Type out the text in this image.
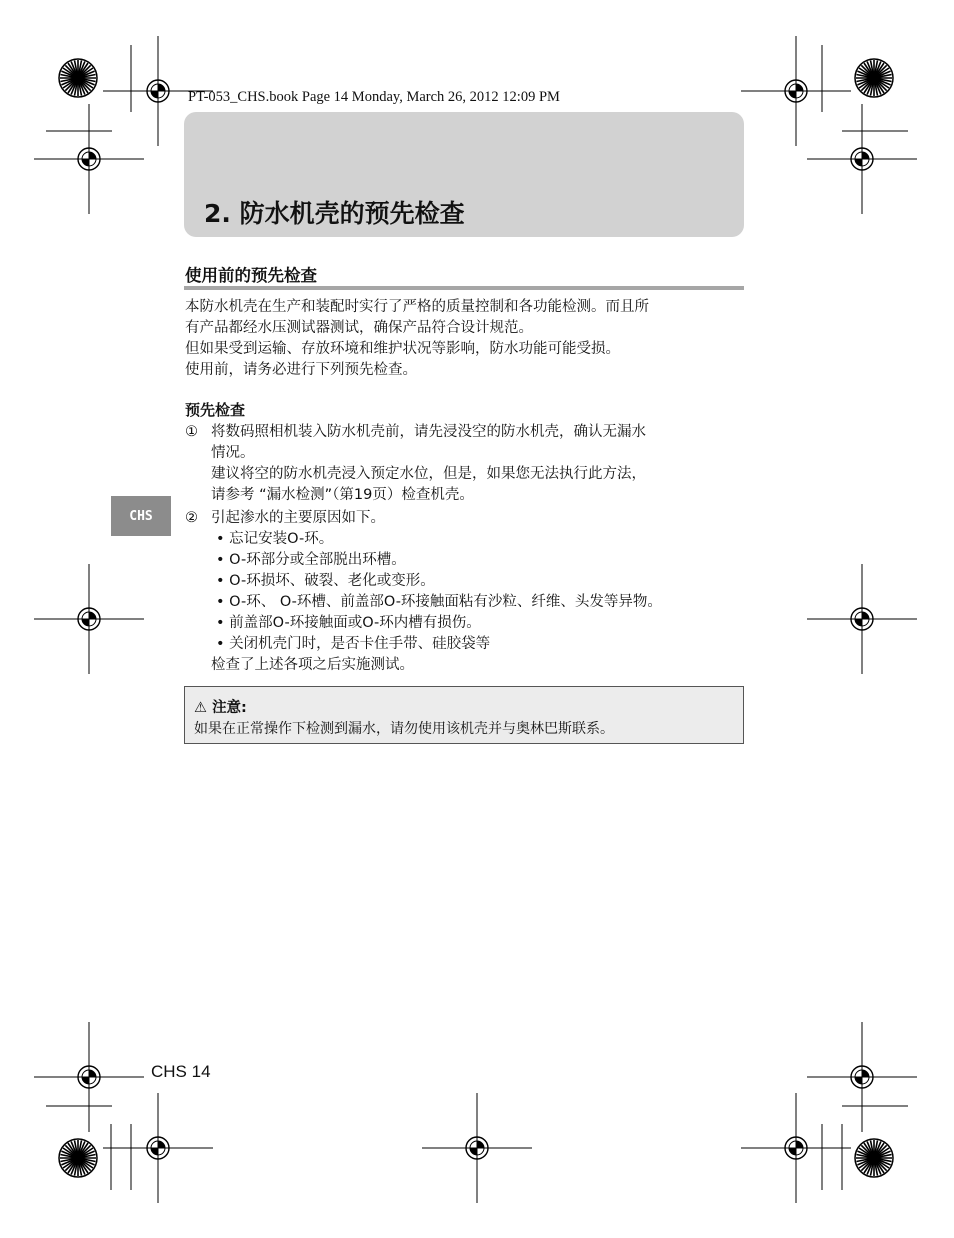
PT-053_CHS.book Page 14 Monday, March 26, 2012 12:09 PM
2. 防水机壳的预先检查
使用前的预先检查
本防水机壳在生产和装配时实行了严格的质量控制和各功能检测。而且所
有产品都经水压测试器测试，确保产品符合设计规范。
但如果受到运输、存放环境和维护状况等影响，防水功能可能受损。
使用前，请务必进行下列预先检查。
预先检查
① 将数码照相机装入防水机壳前，请先浸没空的防水机壳，确认无漏水
情况。
建议将空的防水机壳浸入预定水位，但是，如果您无法执行此方法，
请参考 “漏水检测”（第19页）检查机壳。
CHS	② 引起渗水的主要原因如下。
• 忘记安装O-环。
• O-环部分或全部脱出环槽。
• O-环损坏、破裂、老化或变形。
• O-环、 O-环槽、前盖部O-环接触面粘有沙粒、纤维、头发等异物。
• 前盖部O-环接触面或O-环内槽有损伤。
• 关闭机壳门时，是否卡住手带、硅胶袋等
检查了上述各项之后实施测试。
⚠ 注意:
如果在正常操作下检测到漏水，请勿使用该机壳并与奥林巴斯联系。
CHS 14
